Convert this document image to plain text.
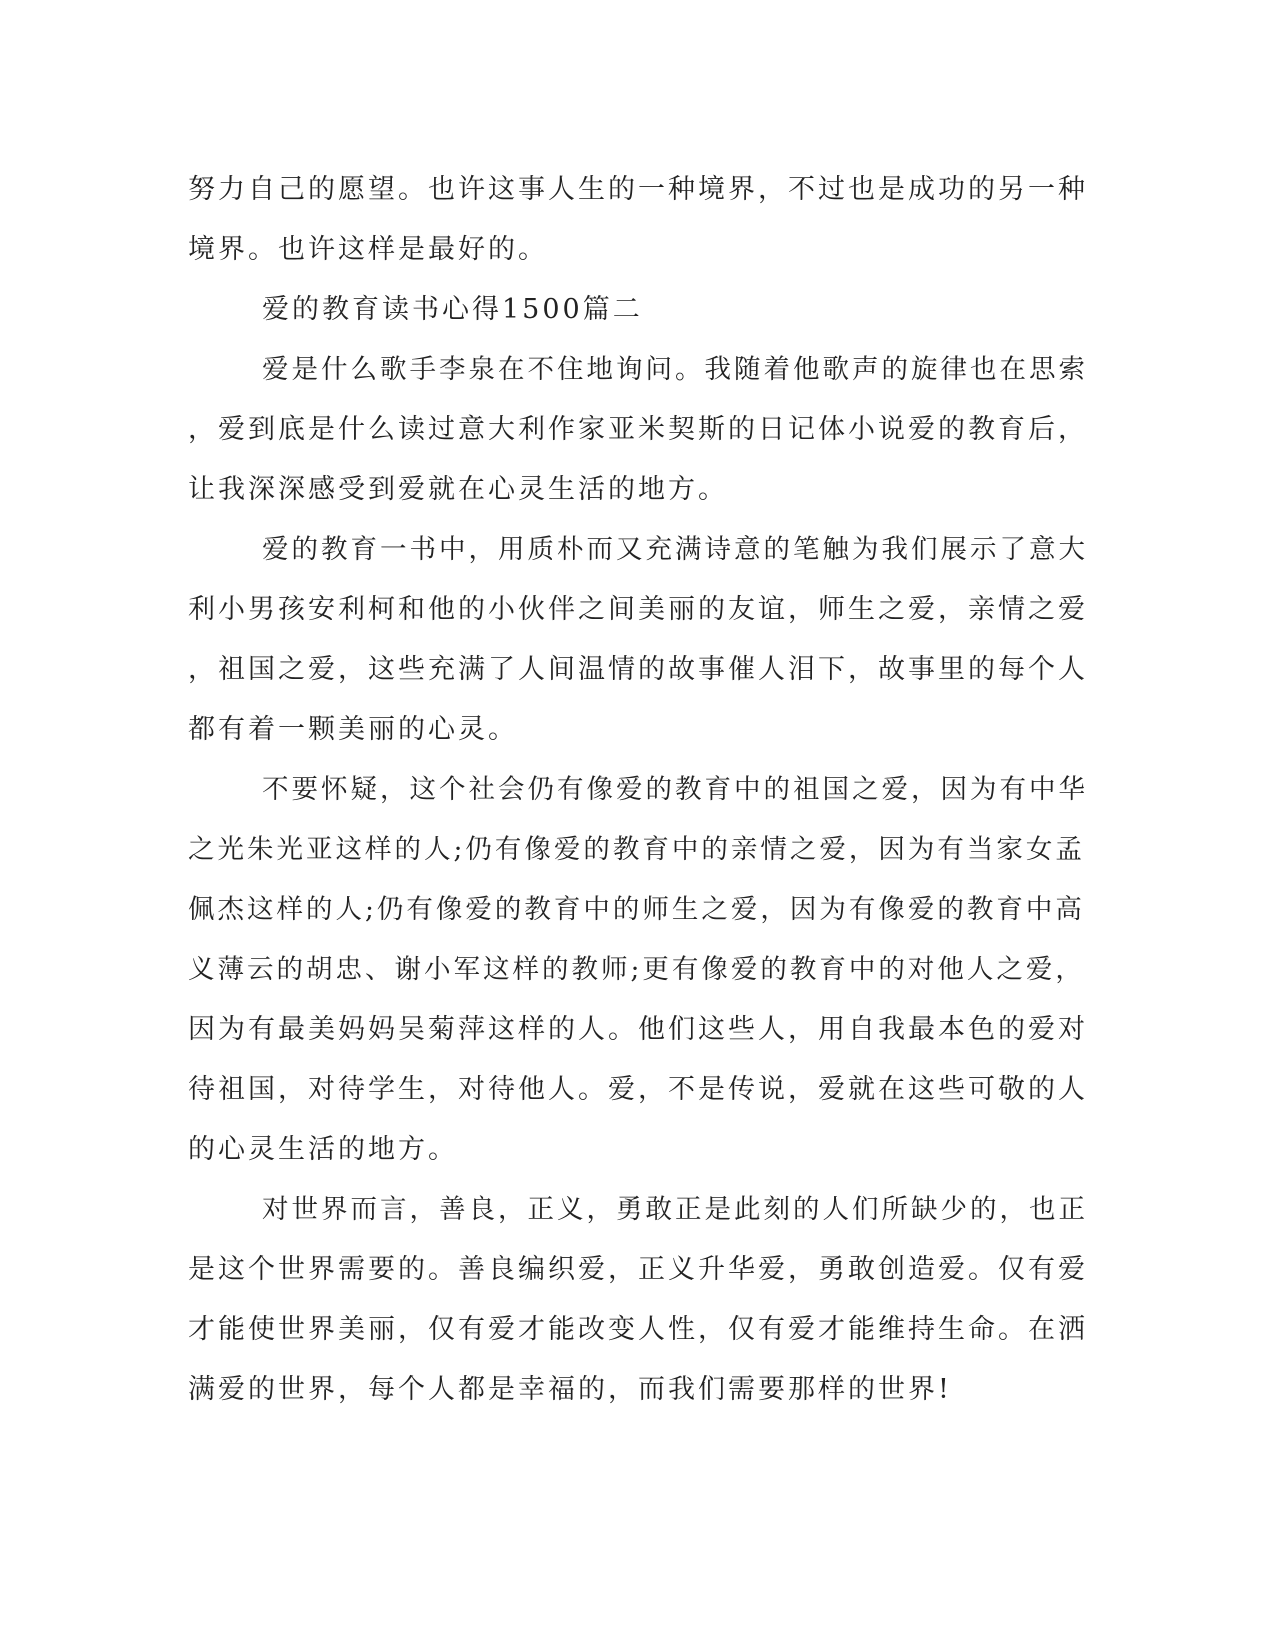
努力自己的愿望。也许这事人生的一种境界，不过也是成功的另一种
境界。也许这样是最好的。
爱的教育读书心得1500篇二
爱是什么歌手李泉在不住地询问。我随着他歌声的旋律也在思索
，爱到底是什么读过意大利作家亚米契斯的日记体小说爱的教育后，
让我深深感受到爱就在心灵生活的地方。
爱的教育一书中，用质朴而又充满诗意的笔触为我们展示了意大
利小男孩安利柯和他的小伙伴之间美丽的友谊，师生之爱，亲情之爱
，祖国之爱，这些充满了人间温情的故事催人泪下，故事里的每个人
都有着一颗美丽的心灵。
不要怀疑，这个社会仍有像爱的教育中的祖国之爱，因为有中华
之光朱光亚这样的人;仍有像爱的教育中的亲情之爱，因为有当家女孟
佩杰这样的人;仍有像爱的教育中的师生之爱，因为有像爱的教育中高
义薄云的胡忠、谢小军这样的教师;更有像爱的教育中的对他人之爱，
因为有最美妈妈吴菊萍这样的人。他们这些人，用自我最本色的爱对
待祖国，对待学生，对待他人。爱，不是传说，爱就在这些可敬的人
的心灵生活的地方。
对世界而言，善良，正义，勇敢正是此刻的人们所缺少的，也正
是这个世界需要的。善良编织爱，正义升华爱，勇敢创造爱。仅有爱
才能使世界美丽，仅有爱才能改变人性，仅有爱才能维持生命。在洒
满爱的世界，每个人都是幸福的，而我们需要那样的世界!
